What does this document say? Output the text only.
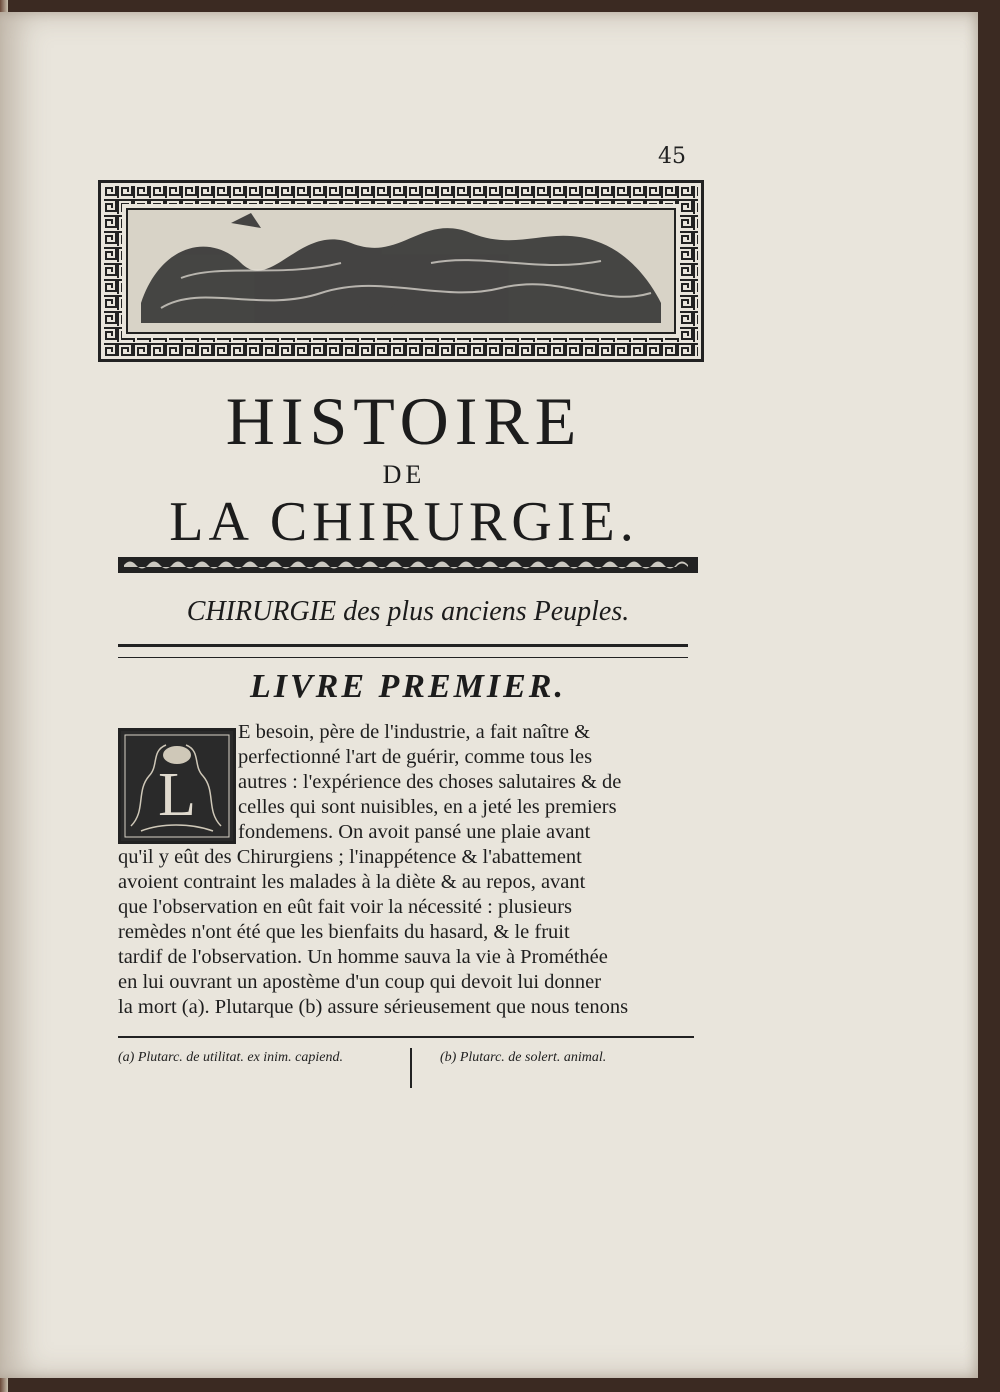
45
HISTOIRE
DE
LA CHIRURGIE.
CHIRURGIE des plus anciens Peuples.
LIVRE PREMIER.
L
E besoin, père de l'industrie, a fait naître &
perfectionné l'art de guérir, comme tous les
autres : l'expérience des choses salutaires & de
celles qui sont nuisibles, en a jeté les premiers
fondemens. On avoit pansé une plaie avant
qu'il y eût des Chirurgiens ; l'inappétence & l'abattement
avoient contraint les malades à la diète & au repos, avant
que l'observation en eût fait voir la nécessité : plusieurs
remèdes n'ont été que les bienfaits du hasard, & le fruit
tardif de l'observation. Un homme sauva la vie à Prométhée
en lui ouvrant un apostème d'un coup qui devoit lui donner
la mort (a). Plutarque (b) assure sérieusement que nous tenons
(a) Plutarc. de utilitat. ex inim. capiend.	(b) Plutarc. de solert. animal.
